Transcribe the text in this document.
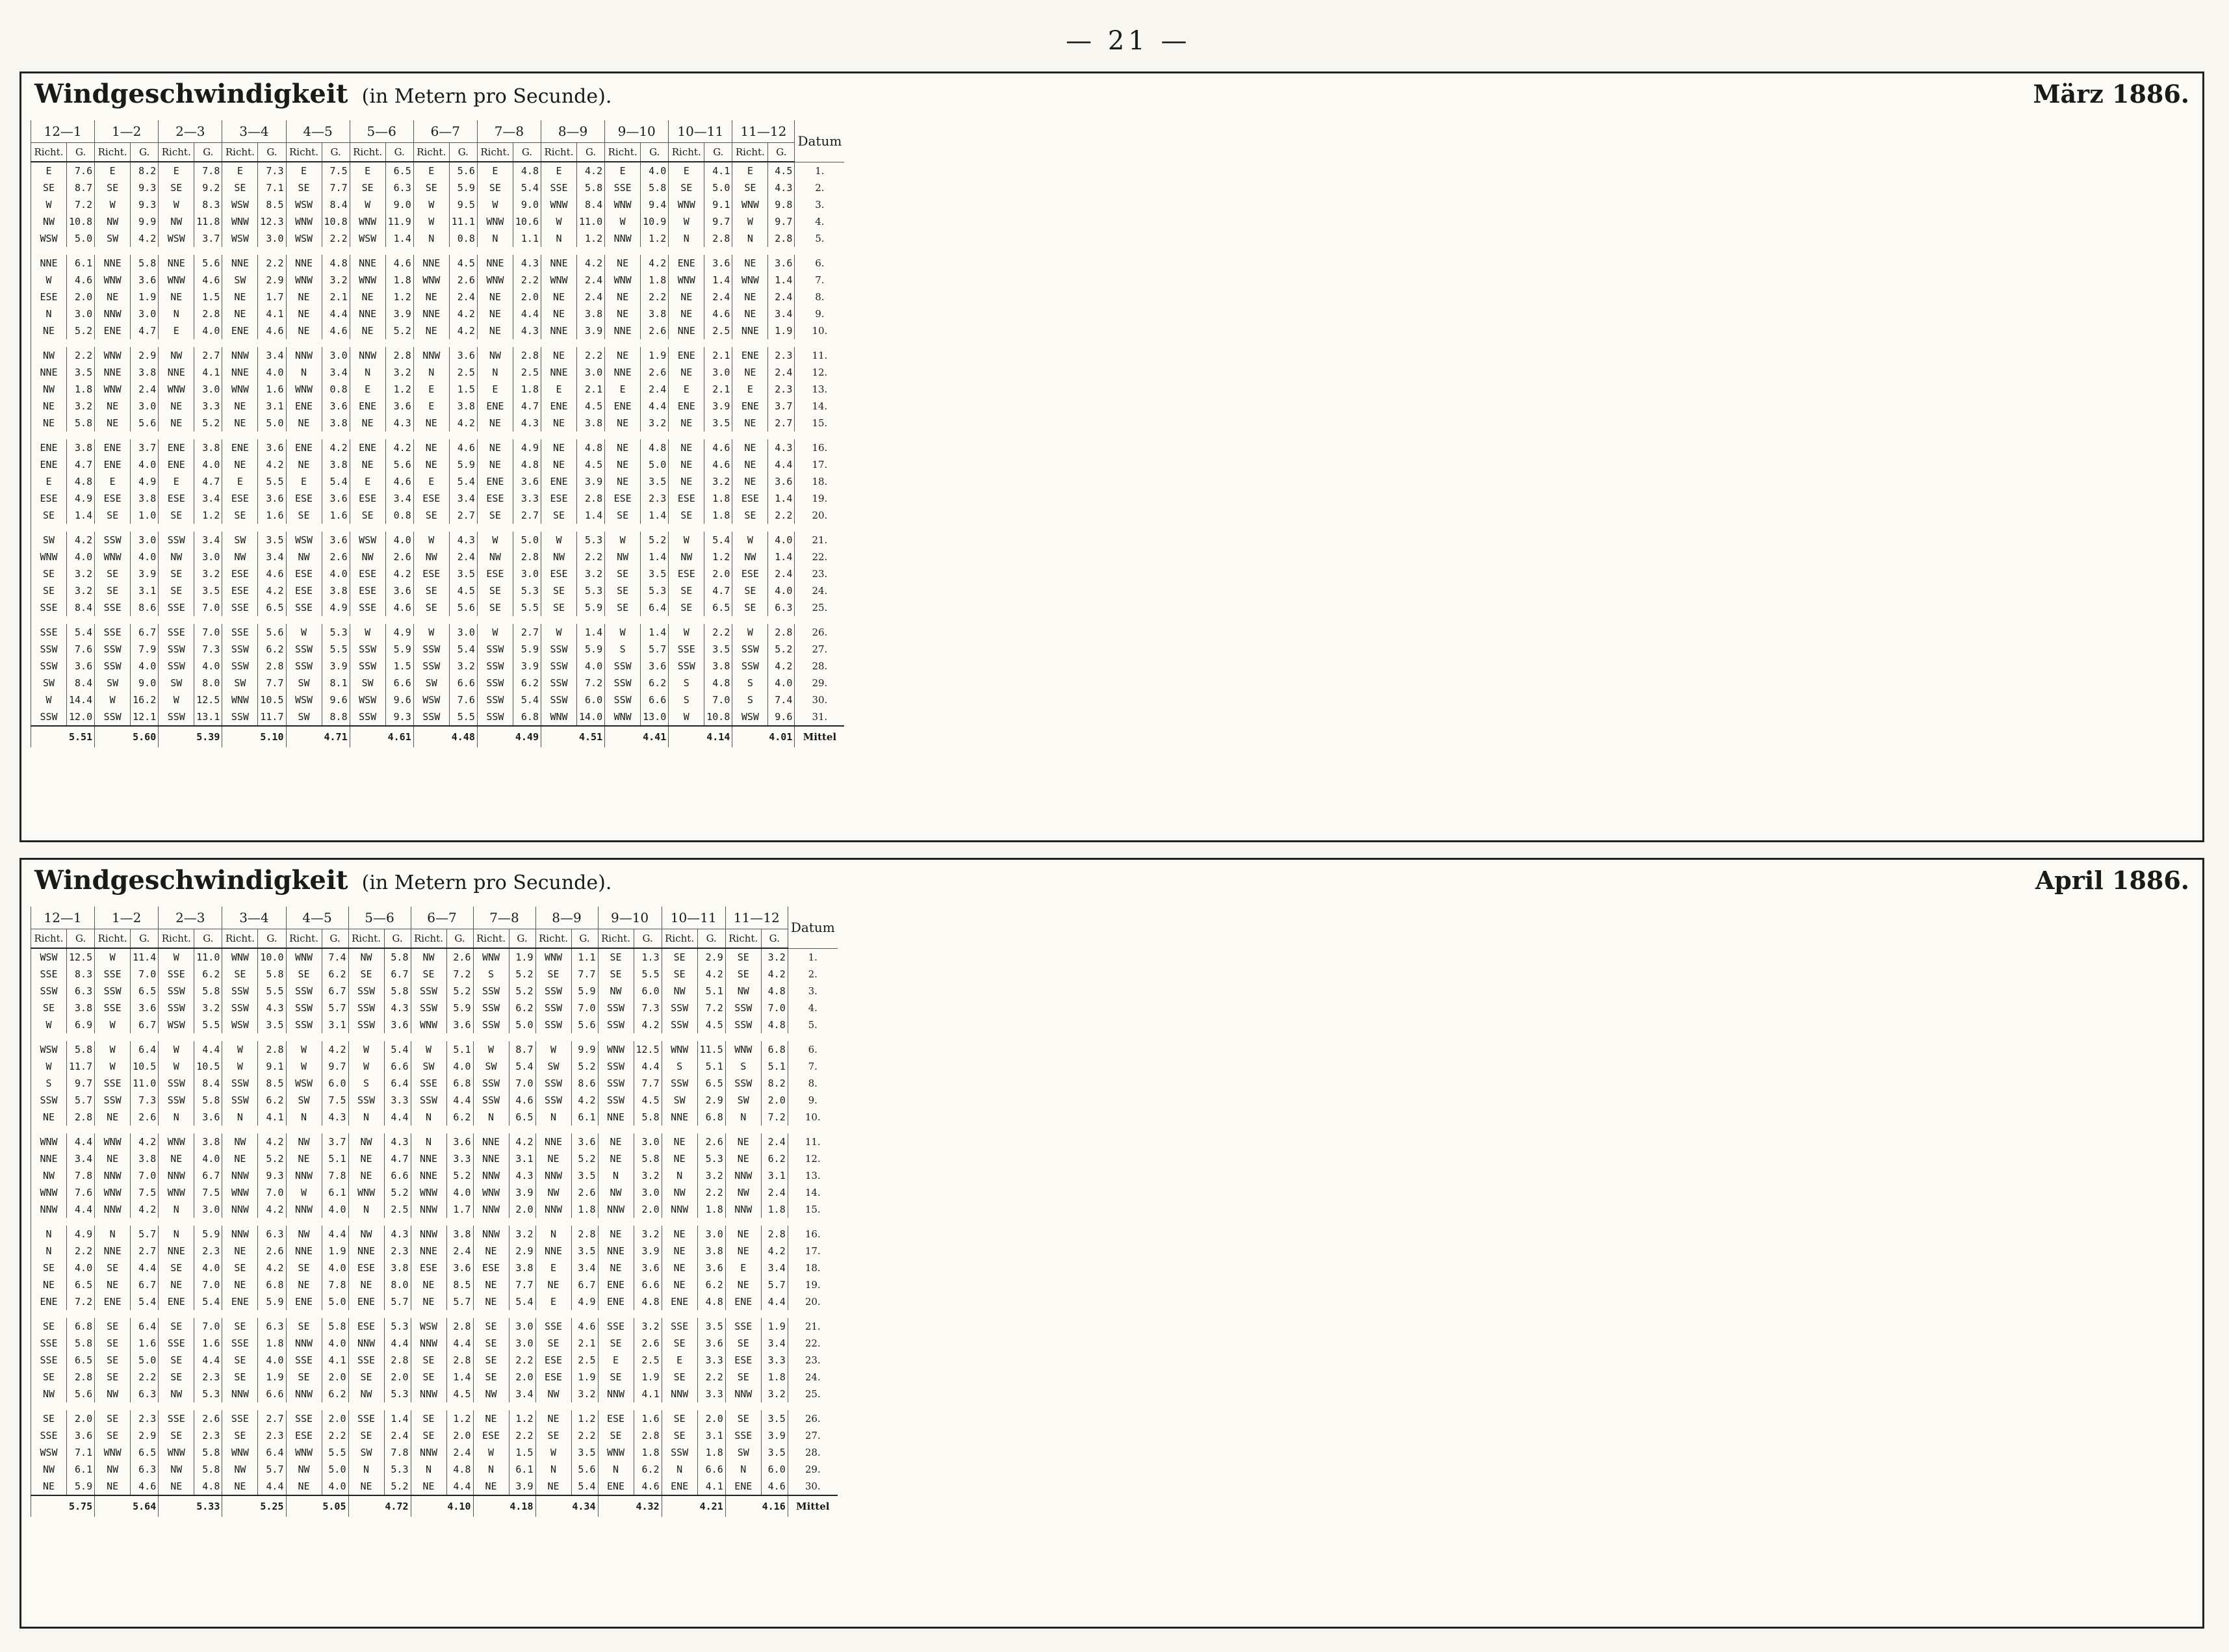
— 21 —
Windgeschwindigkeit (in Metern pro Secunde).	März 1886.
12—1		1—2		2—3		3—4		4—5		5—6		6—7		7—8		8—9		9—10		10—11		11—12		Datum
Richt.	G.	Richt.	G.	Richt.	G.	Richt.	G.	Richt.	G.	Richt.	G.	Richt.	G.	Richt.	G.	Richt.	G.	Richt.	G.	Richt.	G.	Richt.	G.	
E	7.6	E	8.2	E	7.8	E	7.3	E	7.5	E	6.5	E	5.6	E	4.8	E	4.2	E	4.0	E	4.1	E	4.5	1.
SE	8.7	SE	9.3	SE	9.2	SE	7.1	SE	7.7	SE	6.3	SE	5.9	SE	5.4	SSE	5.8	SSE	5.8	SE	5.0	SE	4.3	2.
W	7.2	W	9.3	W	8.3	WSW	8.5	WSW	8.4	W	9.0	W	9.5	W	9.0	WNW	8.4	WNW	9.4	WNW	9.1	WNW	9.8	3.
NW	10.8	NW	9.9	NW	11.8	WNW	12.3	WNW	10.8	WNW	11.9	W	11.1	WNW	10.6	W	11.0	W	10.9	W	9.7	W	9.7	4.
WSW	5.0	SW	4.2	WSW	3.7	WSW	3.0	WSW	2.2	WSW	1.4	N	0.8	N	1.1	N	1.2	NNW	1.2	N	2.8	N	2.8	5.

NNE	6.1	NNE	5.8	NNE	5.6	NNE	2.2	NNE	4.8	NNE	4.6	NNE	4.5	NNE	4.3	NNE	4.2	NE	4.2	ENE	3.6	NE	3.6	6.
W	4.6	WNW	3.6	WNW	4.6	SW	2.9	WNW	3.2	WNW	1.8	WNW	2.6	WNW	2.2	WNW	2.4	WNW	1.8	WNW	1.4	WNW	1.4	7.
ESE	2.0	NE	1.9	NE	1.5	NE	1.7	NE	2.1	NE	1.2	NE	2.4	NE	2.0	NE	2.4	NE	2.2	NE	2.4	NE	2.4	8.
N	3.0	NNW	3.0	N	2.8	NE	4.1	NE	4.4	NNE	3.9	NNE	4.2	NE	4.4	NE	3.8	NE	3.8	NE	4.6	NE	3.4	9.
NE	5.2	ENE	4.7	E	4.0	ENE	4.6	NE	4.6	NE	5.2	NE	4.2	NE	4.3	NNE	3.9	NNE	2.6	NNE	2.5	NNE	1.9	10.

NW	2.2	WNW	2.9	NW	2.7	NNW	3.4	NNW	3.0	NNW	2.8	NNW	3.6	NW	2.8	NE	2.2	NE	1.9	ENE	2.1	ENE	2.3	11.
NNE	3.5	NNE	3.8	NNE	4.1	NNE	4.0	N	3.4	N	3.2	N	2.5	N	2.5	NNE	3.0	NNE	2.6	NE	3.0	NE	2.4	12.
NW	1.8	WNW	2.4	WNW	3.0	WNW	1.6	WNW	0.8	E	1.2	E	1.5	E	1.8	E	2.1	E	2.4	E	2.1	E	2.3	13.
NE	3.2	NE	3.0	NE	3.3	NE	3.1	ENE	3.6	ENE	3.6	E	3.8	ENE	4.7	ENE	4.5	ENE	4.4	ENE	3.9	ENE	3.7	14.
NE	5.8	NE	5.6	NE	5.2	NE	5.0	NE	3.8	NE	4.3	NE	4.2	NE	4.3	NE	3.8	NE	3.2	NE	3.5	NE	2.7	15.

ENE	3.8	ENE	3.7	ENE	3.8	ENE	3.6	ENE	4.2	ENE	4.2	NE	4.6	NE	4.9	NE	4.8	NE	4.8	NE	4.6	NE	4.3	16.
ENE	4.7	ENE	4.0	ENE	4.0	NE	4.2	NE	3.8	NE	5.6	NE	5.9	NE	4.8	NE	4.5	NE	5.0	NE	4.6	NE	4.4	17.
E	4.8	E	4.9	E	4.7	E	5.5	E	5.4	E	4.6	E	5.4	ENE	3.6	ENE	3.9	NE	3.5	NE	3.2	NE	3.6	18.
ESE	4.9	ESE	3.8	ESE	3.4	ESE	3.6	ESE	3.6	ESE	3.4	ESE	3.4	ESE	3.3	ESE	2.8	ESE	2.3	ESE	1.8	ESE	1.4	19.
SE	1.4	SE	1.0	SE	1.2	SE	1.6	SE	1.6	SE	0.8	SE	2.7	SE	2.7	SE	1.4	SE	1.4	SE	1.8	SE	2.2	20.

SW	4.2	SSW	3.0	SSW	3.4	SW	3.5	WSW	3.6	WSW	4.0	W	4.3	W	5.0	W	5.3	W	5.2	W	5.4	W	4.0	21.
WNW	4.0	WNW	4.0	NW	3.0	NW	3.4	NW	2.6	NW	2.6	NW	2.4	NW	2.8	NW	2.2	NW	1.4	NW	1.2	NW	1.4	22.
SE	3.2	SE	3.9	SE	3.2	ESE	4.6	ESE	4.0	ESE	4.2	ESE	3.5	ESE	3.0	ESE	3.2	SE	3.5	ESE	2.0	ESE	2.4	23.
SE	3.2	SE	3.1	SE	3.5	ESE	4.2	ESE	3.8	ESE	3.6	SE	4.5	SE	5.3	SE	5.3	SE	5.3	SE	4.7	SE	4.0	24.
SSE	8.4	SSE	8.6	SSE	7.0	SSE	6.5	SSE	4.9	SSE	4.6	SE	5.6	SE	5.5	SE	5.9	SE	6.4	SE	6.5	SE	6.3	25.

SSE	5.4	SSE	6.7	SSE	7.0	SSE	5.6	W	5.3	W	4.9	W	3.0	W	2.7	W	1.4	W	1.4	W	2.2	W	2.8	26.
SSW	7.6	SSW	7.9	SSW	7.3	SSW	6.2	SSW	5.5	SSW	5.9	SSW	5.4	SSW	5.9	SSW	5.9	S	5.7	SSE	3.5	SSW	5.2	27.
SSW	3.6	SSW	4.0	SSW	4.0	SSW	2.8	SSW	3.9	SSW	1.5	SSW	3.2	SSW	3.9	SSW	4.0	SSW	3.6	SSW	3.8	SSW	4.2	28.
SW	8.4	SW	9.0	SW	8.0	SW	7.7	SW	8.1	SW	6.6	SW	6.6	SSW	6.2	SSW	7.2	SSW	6.2	S	4.8	S	4.0	29.
W	14.4	W	16.2	W	12.5	WNW	10.5	WSW	9.6	WSW	9.6	WSW	7.6	SSW	5.4	SSW	6.0	SSW	6.6	S	7.0	S	7.4	30.
SSW	12.0	SSW	12.1	SSW	13.1	SSW	11.7	SW	8.8	SSW	9.3	SSW	5.5	SSW	6.8	WNW	14.0	WNW	13.0	W	10.8	WSW	9.6	31.
5.51		5.60		5.39		5.10		4.71		4.61		4.48		4.49		4.51		4.41		4.14		4.01		Mittel
Windgeschwindigkeit (in Metern pro Secunde).	April 1886.
12—1		1—2		2—3		3—4		4—5		5—6		6—7		7—8		8—9		9—10		10—11		11—12		Datum
Richt.	G.	Richt.	G.	Richt.	G.	Richt.	G.	Richt.	G.	Richt.	G.	Richt.	G.	Richt.	G.	Richt.	G.	Richt.	G.	Richt.	G.	Richt.	G.	
WSW	12.5	W	11.4	W	11.0	WNW	10.0	WNW	7.4	NW	5.8	NW	2.6	WNW	1.9	WNW	1.1	SE	1.3	SE	2.9	SE	3.2	1.
SSE	8.3	SSE	7.0	SSE	6.2	SE	5.8	SE	6.2	SE	6.7	SE	7.2	S	5.2	SE	7.7	SE	5.5	SE	4.2	SE	4.2	2.
SSW	6.3	SSW	6.5	SSW	5.8	SSW	5.5	SSW	6.7	SSW	5.8	SSW	5.2	SSW	5.2	SSW	5.9	NW	6.0	NW	5.1	NW	4.8	3.
SE	3.8	SSE	3.6	SSW	3.2	SSW	4.3	SSW	5.7	SSW	4.3	SSW	5.9	SSW	6.2	SSW	7.0	SSW	7.3	SSW	7.2	SSW	7.0	4.
W	6.9	W	6.7	WSW	5.5	WSW	3.5	SSW	3.1	SSW	3.6	WNW	3.6	SSW	5.0	SSW	5.6	SSW	4.2	SSW	4.5	SSW	4.8	5.

WSW	5.8	W	6.4	W	4.4	W	2.8	W	4.2	W	5.4	W	5.1	W	8.7	W	9.9	WNW	12.5	WNW	11.5	WNW	6.8	6.
W	11.7	W	10.5	W	10.5	W	9.1	W	9.7	W	6.6	SW	4.0	SW	5.4	SW	5.2	SSW	4.4	S	5.1	S	5.1	7.
S	9.7	SSE	11.0	SSW	8.4	SSW	8.5	WSW	6.0	S	6.4	SSE	6.8	SSW	7.0	SSW	8.6	SSW	7.7	SSW	6.5	SSW	8.2	8.
SSW	5.7	SSW	7.3	SSW	5.8	SSW	6.2	SW	7.5	SSW	3.3	SSW	4.4	SSW	4.6	SSW	4.2	SSW	4.5	SW	2.9	SW	2.0	9.
NE	2.8	NE	2.6	N	3.6	N	4.1	N	4.3	N	4.4	N	6.2	N	6.5	N	6.1	NNE	5.8	NNE	6.8	N	7.2	10.

WNW	4.4	WNW	4.2	WNW	3.8	NW	4.2	NW	3.7	NW	4.3	N	3.6	NNE	4.2	NNE	3.6	NE	3.0	NE	2.6	NE	2.4	11.
NNE	3.4	NE	3.8	NE	4.0	NE	5.2	NE	5.1	NE	4.7	NNE	3.3	NNE	3.1	NE	5.2	NE	5.8	NE	5.3	NE	6.2	12.
NW	7.8	NNW	7.0	NNW	6.7	NNW	9.3	NNW	7.8	NE	6.6	NNE	5.2	NNW	4.3	NNW	3.5	N	3.2	N	3.2	NNW	3.1	13.
WNW	7.6	WNW	7.5	WNW	7.5	WNW	7.0	W	6.1	WNW	5.2	WNW	4.0	WNW	3.9	NW	2.6	NW	3.0	NW	2.2	NW	2.4	14.
NNW	4.4	NNW	4.2	N	3.0	NNW	4.2	NNW	4.0	N	2.5	NNW	1.7	NNW	2.0	NNW	1.8	NNW	2.0	NNW	1.8	NNW	1.8	15.

N	4.9	N	5.7	N	5.9	NNW	6.3	NW	4.4	NW	4.3	NNW	3.8	NNW	3.2	N	2.8	NE	3.2	NE	3.0	NE	2.8	16.
N	2.2	NNE	2.7	NNE	2.3	NE	2.6	NNE	1.9	NNE	2.3	NNE	2.4	NE	2.9	NNE	3.5	NNE	3.9	NE	3.8	NE	4.2	17.
SE	4.0	SE	4.4	SE	4.0	SE	4.2	SE	4.0	ESE	3.8	ESE	3.6	ESE	3.8	E	3.4	NE	3.6	NE	3.6	E	3.4	18.
NE	6.5	NE	6.7	NE	7.0	NE	6.8	NE	7.8	NE	8.0	NE	8.5	NE	7.7	NE	6.7	ENE	6.6	NE	6.2	NE	5.7	19.
ENE	7.2	ENE	5.4	ENE	5.4	ENE	5.9	ENE	5.0	ENE	5.7	NE	5.7	NE	5.4	E	4.9	ENE	4.8	ENE	4.8	ENE	4.4	20.

SE	6.8	SE	6.4	SE	7.0	SE	6.3	SE	5.8	ESE	5.3	WSW	2.8	SE	3.0	SSE	4.6	SSE	3.2	SSE	3.5	SSE	1.9	21.
SSE	5.8	SE	1.6	SSE	1.6	SSE	1.8	NNW	4.0	NNW	4.4	NNW	4.4	SE	3.0	SE	2.1	SE	2.6	SE	3.6	SE	3.4	22.
SSE	6.5	SE	5.0	SE	4.4	SE	4.0	SSE	4.1	SSE	2.8	SE	2.8	SE	2.2	ESE	2.5	E	2.5	E	3.3	ESE	3.3	23.
SE	2.8	SE	2.2	SE	2.3	SE	1.9	SE	2.0	SE	2.0	SE	1.4	SE	2.0	ESE	1.9	SE	1.9	SE	2.2	SE	1.8	24.
NW	5.6	NW	6.3	NW	5.3	NNW	6.6	NNW	6.2	NW	5.3	NNW	4.5	NW	3.4	NW	3.2	NNW	4.1	NNW	3.3	NNW	3.2	25.

SE	2.0	SE	2.3	SSE	2.6	SSE	2.7	SSE	2.0	SSE	1.4	SE	1.2	NE	1.2	NE	1.2	ESE	1.6	SE	2.0	SE	3.5	26.
SSE	3.6	SE	2.9	SE	2.3	SE	2.3	ESE	2.2	SE	2.4	SE	2.0	ESE	2.2	SE	2.2	SE	2.8	SE	3.1	SSE	3.9	27.
WSW	7.1	WNW	6.5	WNW	5.8	WNW	6.4	WNW	5.5	SW	7.8	NNW	2.4	W	1.5	W	3.5	WNW	1.8	SSW	1.8	SW	3.5	28.
NW	6.1	NW	6.3	NW	5.8	NW	5.7	NW	5.0	N	5.3	N	4.8	N	6.1	N	5.6	N	6.2	N	6.6	N	6.0	29.
NE	5.9	NE	4.6	NE	4.8	NE	4.4	NE	4.0	NE	5.2	NE	4.4	NE	3.9	NE	5.4	ENE	4.6	ENE	4.1	ENE	4.6	30.
5.75		5.64		5.33		5.25		5.05		4.72		4.10		4.18		4.34		4.32		4.21		4.16		Mittel
